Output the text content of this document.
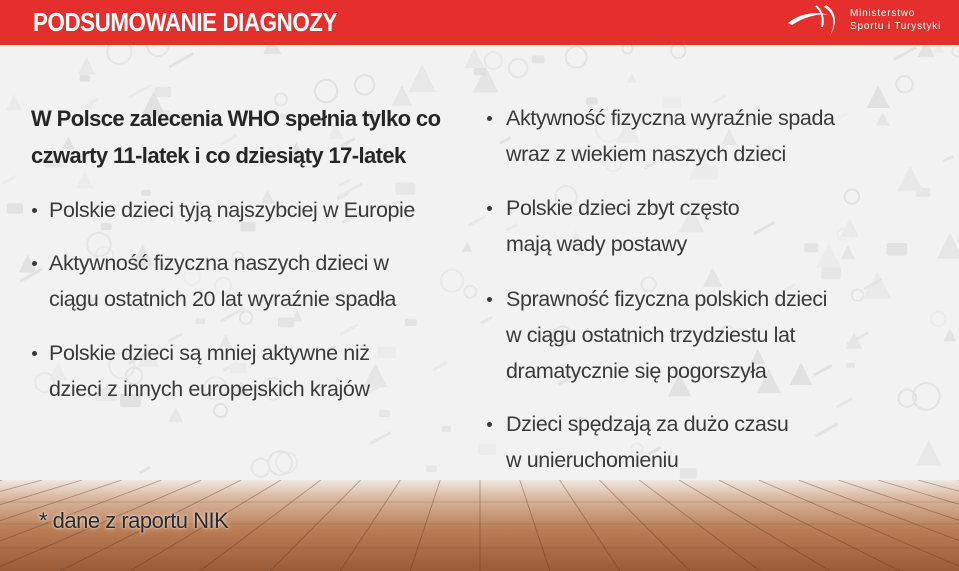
PODSUMOWANIE DIAGNOZY	Ministerstwo
Sportu i Turystyki
W Polsce zalecenia WHO spełnia tylko co
czwarty 11-latek i co dziesiąty 17-latek
Polskie dzieci tyją najszybciej w Europie
Aktywność fizyczna naszych dzieci w
ciągu ostatnich 20 lat wyraźnie spadła
Polskie dzieci są mniej aktywne niż
dzieci z innych europejskich krajów
Aktywność fizyczna wyraźnie spada
wraz z wiekiem naszych dzieci
Polskie dzieci zbyt często
mają wady postawy
Sprawność fizyczna polskich dzieci
w ciągu ostatnich trzydziestu lat
dramatycznie się pogorszyła
Dzieci spędzają za dużo czasu
w unieruchomieniu
* dane z raportu NIK
